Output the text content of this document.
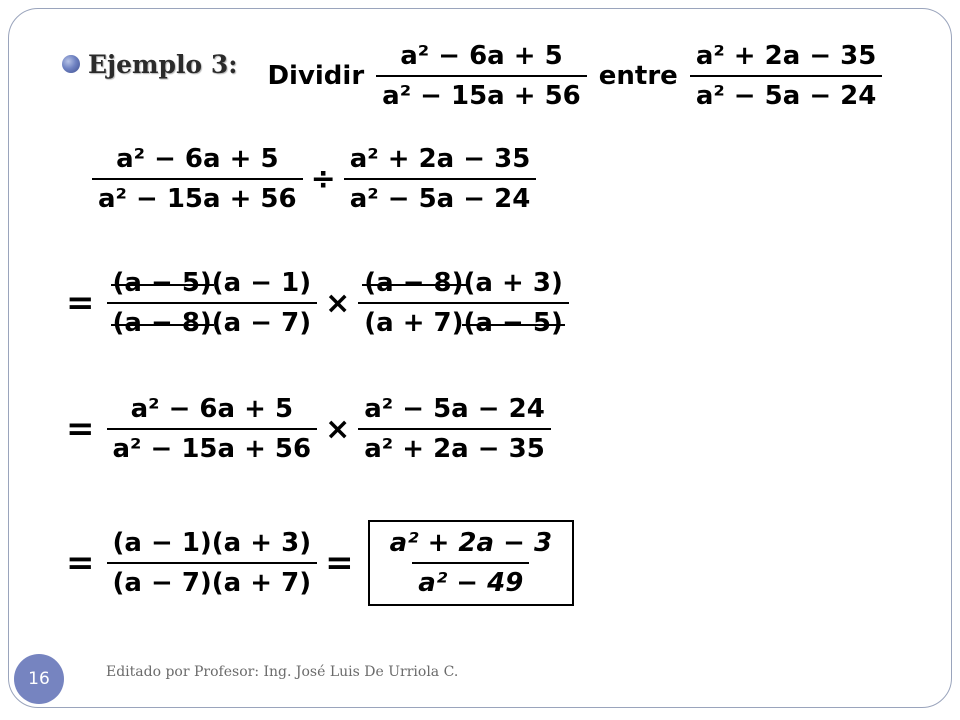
Ejemplo 3: Dividir $\frac{\text{a² − 6a + 5}}{\text{a² − 15a + 56}}$ entre $\frac{\text{a² + 2a − 35}}{\text{a² − 5a − 24}}$
$\frac{\text{a² − 6a + 5}}{\text{a² − 15a + 56}} \div \frac{\text{a² + 2a − 35}}{\text{a² − 5a − 24}}$
= $\frac{(a - 5)(a - 1)}{(a - 8)(a - 7)} \times \frac{(a - 8)(a + 3)}{(a + 7)(a - 5)}$
= $\frac{\text{a² − 6a + 5}}{\text{a² − 15a + 56}} \times \frac{\text{a² − 5a − 24}}{\text{a² + 2a − 35}}$
= $\frac{(a - 1)(a + 3)}{(a - 7)(a + 7)} = \frac{\text{a² + 2a − 3}}{\text{a² − 49}}$
16	Editado por Profesor: Ing. José Luis De Urriola C.
